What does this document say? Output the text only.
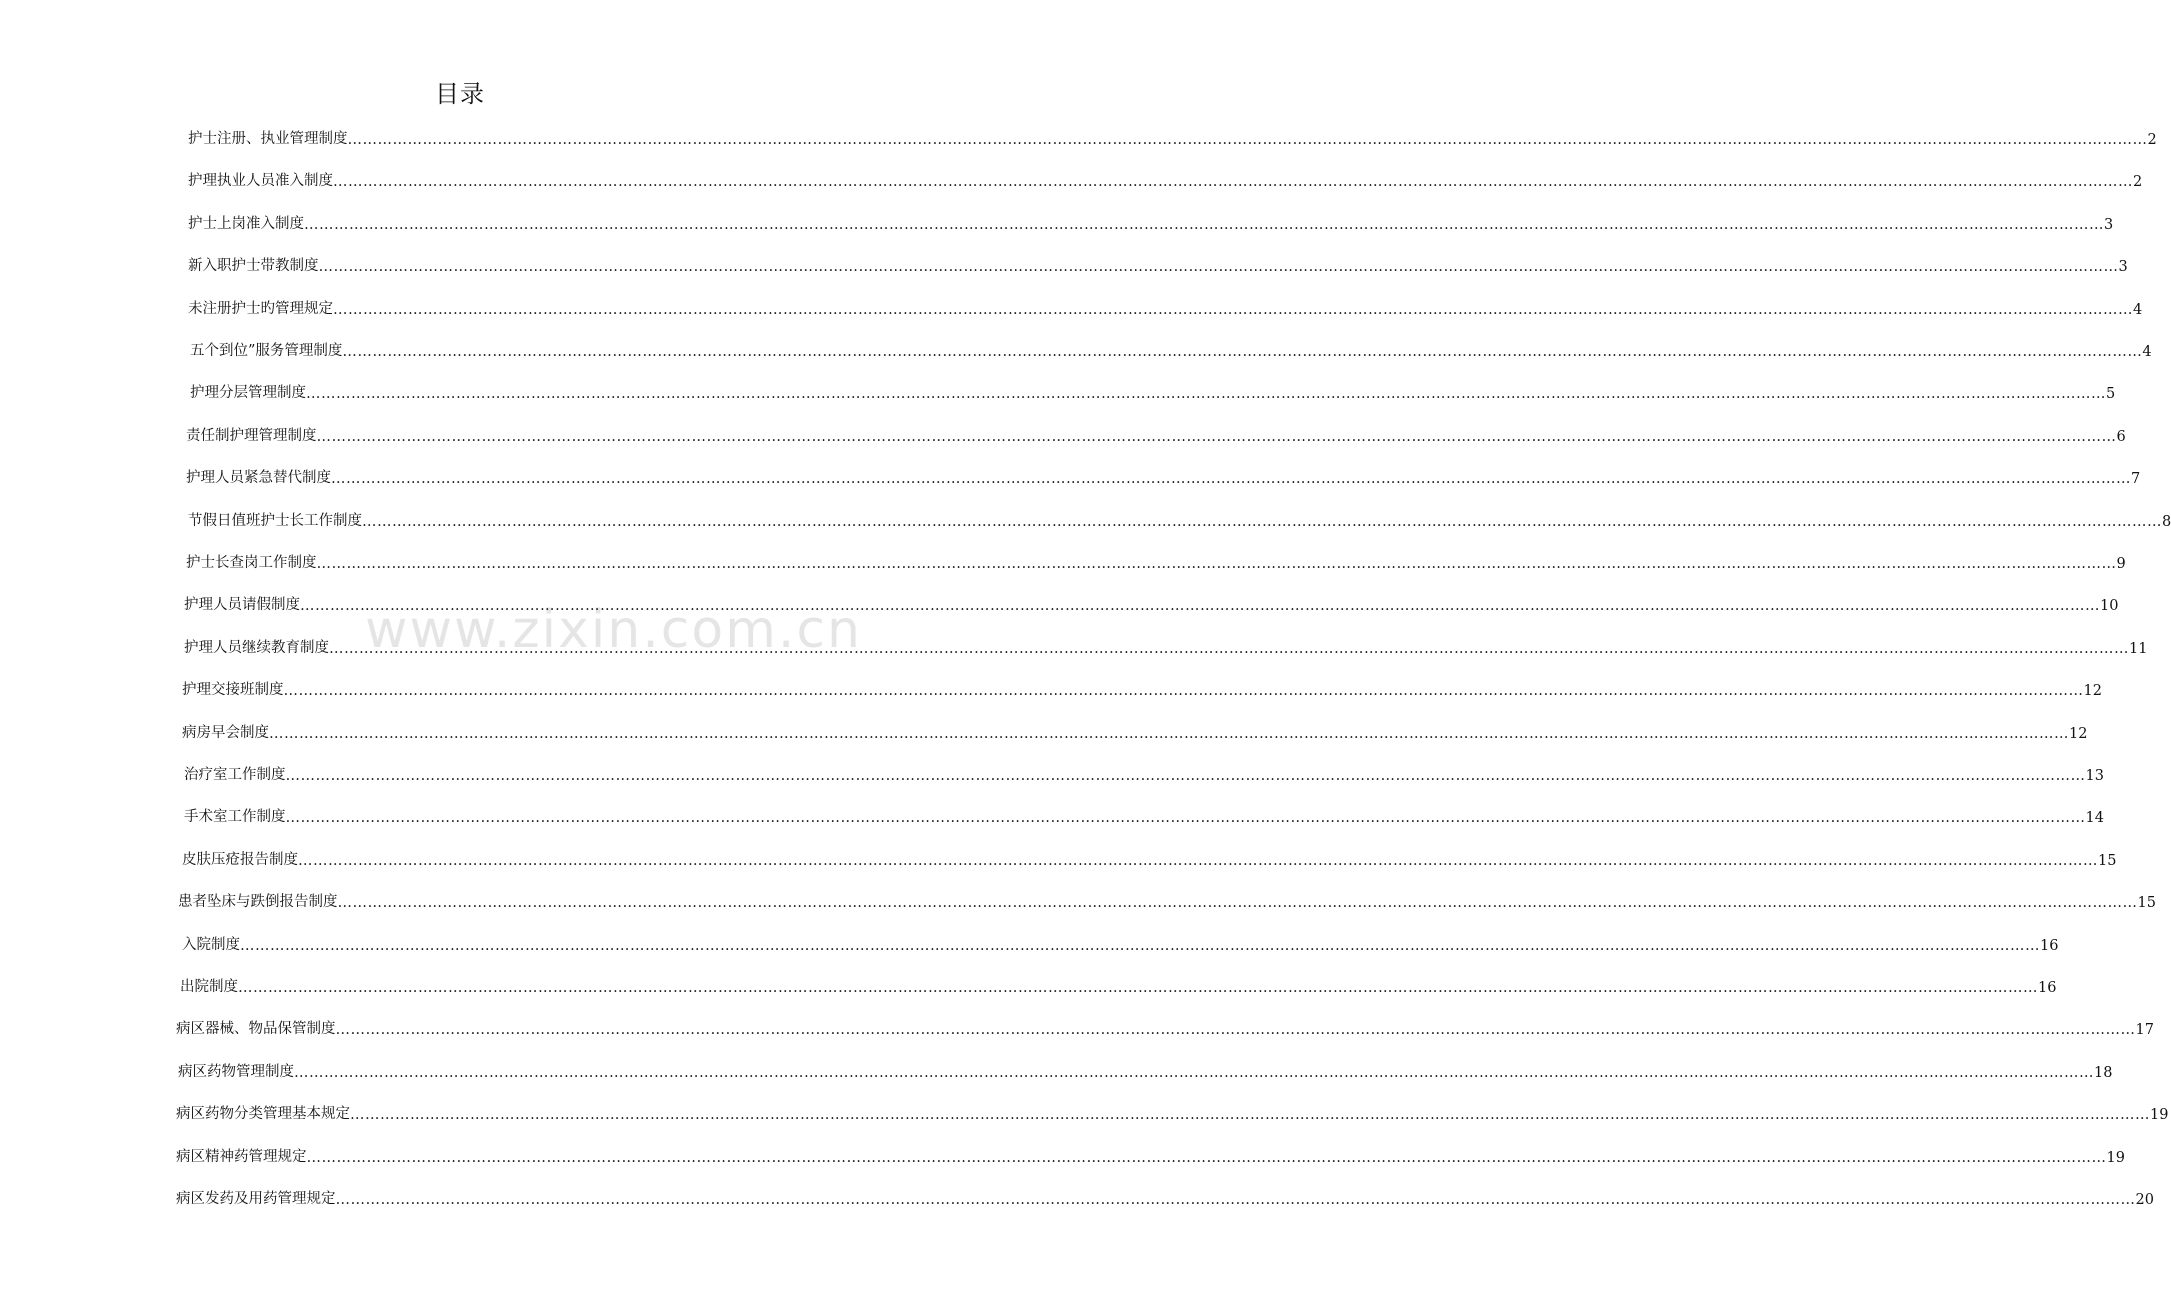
目录
www.zixin.com.cn
护士注册、执业管理制度 ……………………………………………………………………………………………………………………………………………………………………………………………………………………………………………………………………………………………………………………………… 2
护理执业人员准入制度 ……………………………………………………………………………………………………………………………………………………………………………………………………………………………………………………………………………………………………………………………… 2
护士上岗准入制度 ……………………………………………………………………………………………………………………………………………………………………………………………………………………………………………………………………………………………………………………………… 3
新入职护士带教制度 ……………………………………………………………………………………………………………………………………………………………………………………………………………………………………………………………………………………………………………………………… 3
未注册护士旳管理规定 ……………………………………………………………………………………………………………………………………………………………………………………………………………………………………………………………………………………………………………………………… 4
五个到位”服务管理制度 ……………………………………………………………………………………………………………………………………………………………………………………………………………………………………………………………………………………………………………………………… 4
护理分层管理制度 ……………………………………………………………………………………………………………………………………………………………………………………………………………………………………………………………………………………………………………………………… 5
责任制护理管理制度 ……………………………………………………………………………………………………………………………………………………………………………………………………………………………………………………………………………………………………………………………… 6
护理人员紧急替代制度 ……………………………………………………………………………………………………………………………………………………………………………………………………………………………………………………………………………………………………………………………… 7
节假日值班护士长工作制度 ……………………………………………………………………………………………………………………………………………………………………………………………………………………………………………………………………………………………………………………………… 8
护士长查岗工作制度 ……………………………………………………………………………………………………………………………………………………………………………………………………………………………………………………………………………………………………………………………… 9
护理人员请假制度 ……………………………………………………………………………………………………………………………………………………………………………………………………………………………………………………………………………………………………………………………… 10
护理人员继续教育制度 ……………………………………………………………………………………………………………………………………………………………………………………………………………………………………………………………………………………………………………………………… 11
护理交接班制度 ……………………………………………………………………………………………………………………………………………………………………………………………………………………………………………………………………………………………………………………………… 12
病房早会制度 ……………………………………………………………………………………………………………………………………………………………………………………………………………………………………………………………………………………………………………………………… 12
治疗室工作制度 ……………………………………………………………………………………………………………………………………………………………………………………………………………………………………………………………………………………………………………………………… 13
手术室工作制度 ……………………………………………………………………………………………………………………………………………………………………………………………………………………………………………………………………………………………………………………………… 14
皮肤压疮报告制度 ……………………………………………………………………………………………………………………………………………………………………………………………………………………………………………………………………………………………………………………………… 15
患者坠床与跌倒报告制度 ……………………………………………………………………………………………………………………………………………………………………………………………………………………………………………………………………………………………………………………………… 15
入院制度 ……………………………………………………………………………………………………………………………………………………………………………………………………………………………………………………………………………………………………………………………… 16
出院制度 ……………………………………………………………………………………………………………………………………………………………………………………………………………………………………………………………………………………………………………………………… 16
病区器械、物品保管制度 ……………………………………………………………………………………………………………………………………………………………………………………………………………………………………………………………………………………………………………………………… 17
病区药物管理制度 ……………………………………………………………………………………………………………………………………………………………………………………………………………………………………………………………………………………………………………………………… 18
病区药物分类管理基本规定 ……………………………………………………………………………………………………………………………………………………………………………………………………………………………………………………………………………………………………………………………… 19
病区精神药管理规定 ……………………………………………………………………………………………………………………………………………………………………………………………………………………………………………………………………………………………………………………………… 19
病区发药及用药管理规定 ……………………………………………………………………………………………………………………………………………………………………………………………………………………………………………………………………………………………………………………………… 20
